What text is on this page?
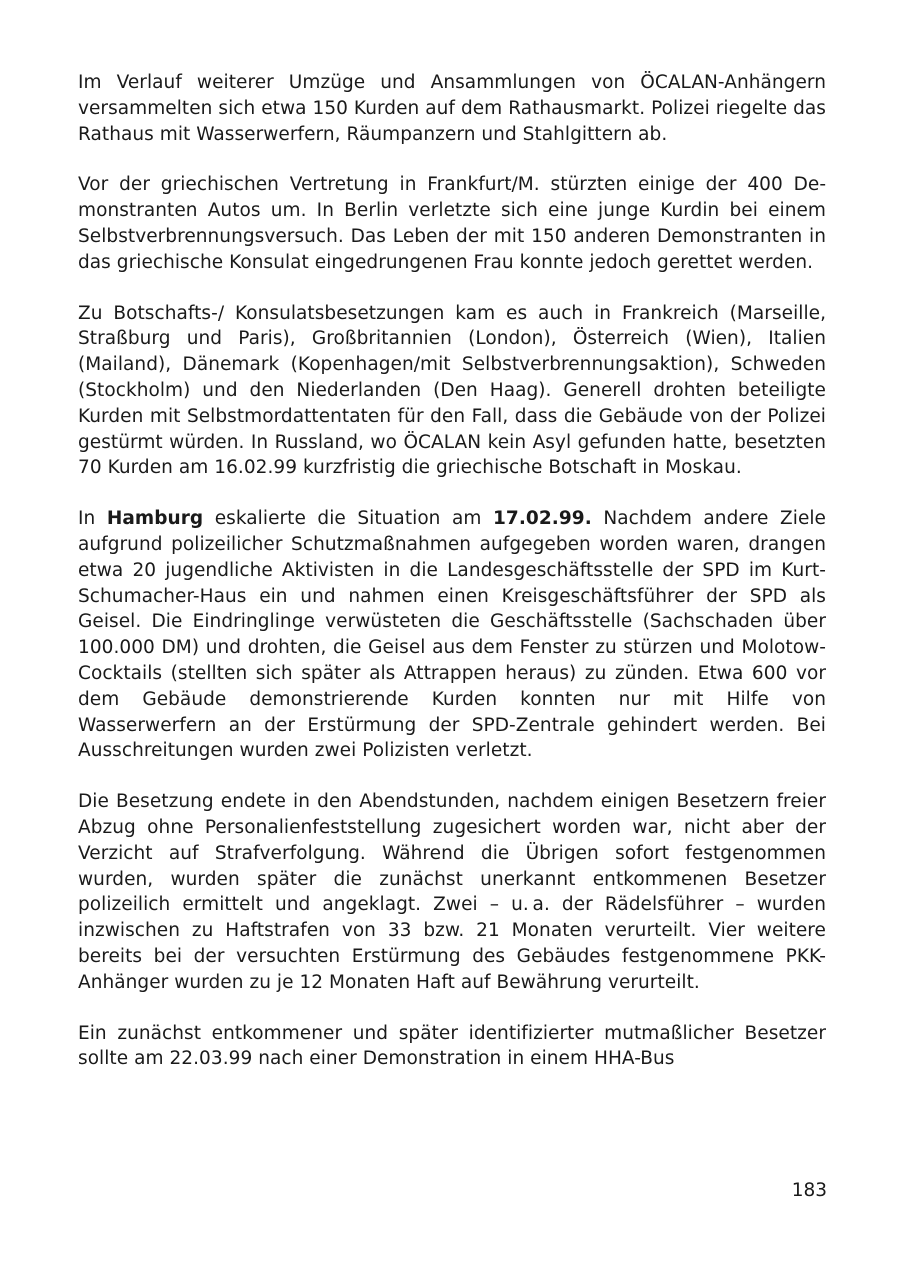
Im Verlauf weiterer Umzüge und Ansammlungen von ÖCALAN-Anhängern versammelten sich etwa 150 Kurden auf dem Rathausmarkt. Polizei riegelte das Rathaus mit Wasserwerfern, Räumpanzern und Stahlgittern ab.

Vor der griechischen Vertretung in Frankfurt/M. stürzten einige der 400 Demonstranten Autos um. In Berlin verletzte sich eine junge Kurdin bei einem Selbstverbrennungsversuch. Das Leben der mit 150 anderen Demonstranten in das griechische Konsulat eingedrungenen Frau konnte jedoch gerettet werden.

Zu Botschafts-/ Konsulatsbesetzungen kam es auch in Frankreich (Marseille, Straßburg und Paris), Großbritannien (London), Österreich (Wien), Italien (Mailand), Dänemark (Kopenhagen/mit Selbstverbrennungsaktion), Schweden (Stockholm) und den Niederlanden (Den Haag). Generell drohten beteiligte Kurden mit Selbstmordattentaten für den Fall, dass die Gebäude von der Polizei gestürmt würden. In Russland, wo ÖCALAN kein Asyl gefunden hatte, besetzten 70 Kurden am 16.02.99 kurzfristig die griechische Botschaft in Moskau.

In Hamburg eskalierte die Situation am 17.02.99. Nachdem andere Ziele aufgrund polizeilicher Schutzmaßnahmen aufgegeben worden waren, drangen etwa 20 jugendliche Aktivisten in die Landesgeschäftsstelle der SPD im Kurt-Schumacher-Haus ein und nahmen einen Kreisgeschäftsführer der SPD als Geisel. Die Eindringlinge verwüsteten die Geschäftsstelle (Sachschaden über 100.000 DM) und drohten, die Geisel aus dem Fenster zu stürzen und Molotow-Cocktails (stellten sich später als Attrappen heraus) zu zünden. Etwa 600 vor dem Gebäude demonstrierende Kurden konnten nur mit Hilfe von Wasserwerfern an der Erstürmung der SPD-Zentrale gehindert werden. Bei Ausschreitungen wurden zwei Polizisten verletzt.

Die Besetzung endete in den Abendstunden, nachdem einigen Besetzern freier Abzug ohne Personalienfeststellung zugesichert worden war, nicht aber der Verzicht auf Strafverfolgung. Während die Übrigen sofort festgenommen wurden, wurden später die zunächst unerkannt entkommenen Besetzer polizeilich ermittelt und angeklagt. Zwei – u. a. der Rädelsführer – wurden inzwischen zu Haftstrafen von 33 bzw. 21 Monaten verurteilt. Vier weitere bereits bei der versuchten Erstürmung des Gebäudes festgenommene PKK-Anhänger wurden zu je 12 Monaten Haft auf Bewährung verurteilt.

Ein zunächst entkommener und später identifizierter mutmaßlicher Besetzer sollte am 22.03.99 nach einer Demonstration in einem HHA-Bus

183
